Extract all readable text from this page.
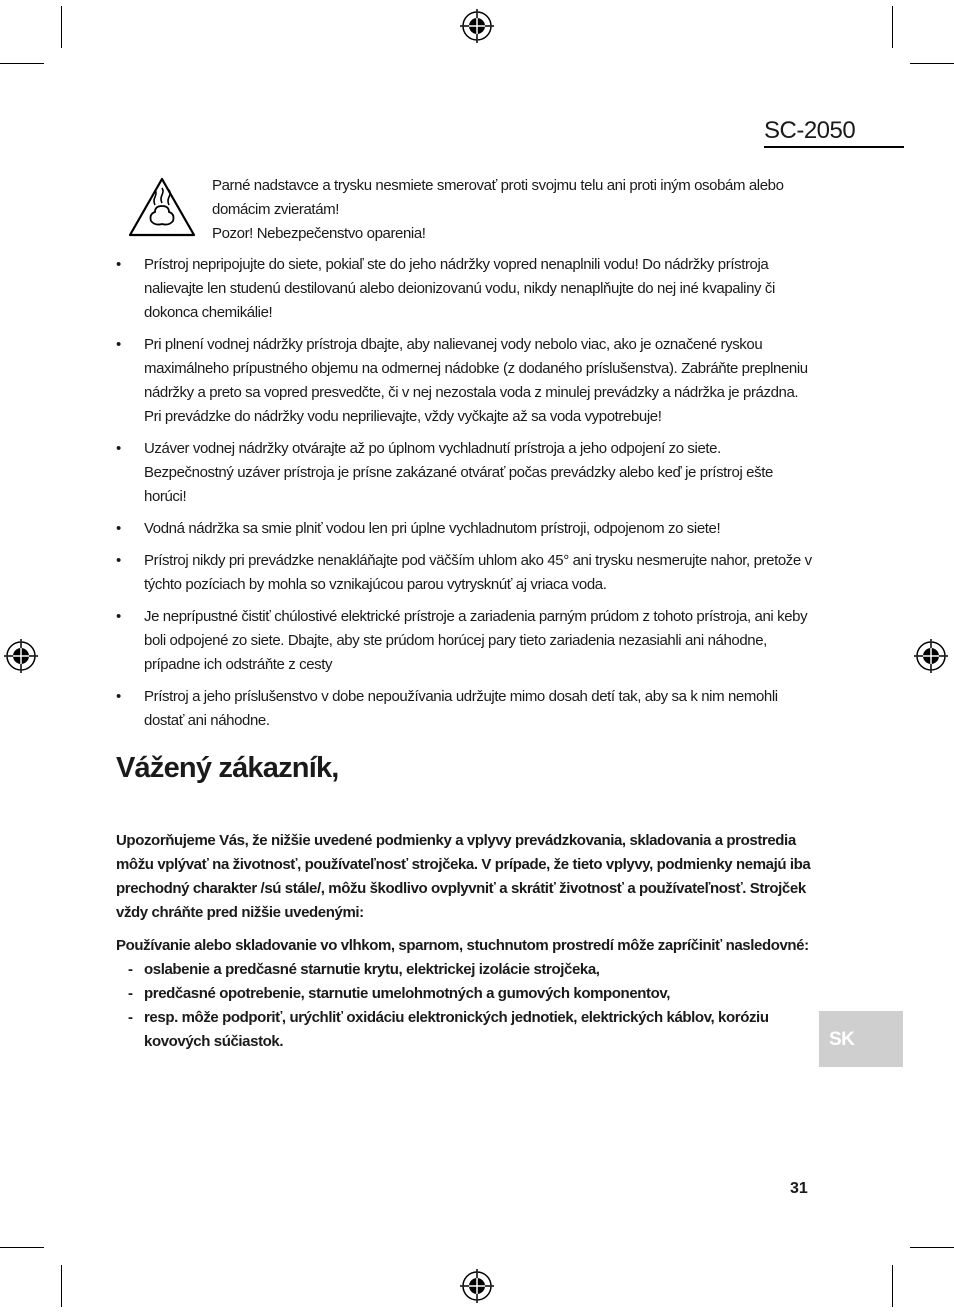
SC-2050

Parné nadstavce a trysku nesmiete smerovať proti svojmu telu ani proti iným osobám alebo domácim zvieratám!

Pozor! Nebezpečenstvo oparenia!

• Prístroj nepripojujte do siete, pokiaľ ste do jeho nádržky vopred nenaplnili vodu! Do nádržky prístroja nalievajte len studenú destilovanú alebo deionizovanú vodu, nikdy nenaplňujte do nej iné kvapaliny či dokonca chemikálie!
• Pri plnení vodnej nádržky prístroja dbajte, aby nalievanej vody nebolo viac, ako je označené ryskou maximálneho prípustného objemu na odmernej nádobke (z dodaného príslušenstva). Zabráňte preplneniu nádržky a preto sa vopred presvedčte, či v nej nezostala voda z minulej prevádzky a nádržka je prázdna. Pri prevádzke do nádržky vodu neprilievajte, vždy vyčkajte až sa voda vypotrebuje!
• Uzáver vodnej nádržky otvárajte až po úplnom vychladnutí prístroja a jeho odpojení zo siete. Bezpečnostný uzáver prístroja je prísne zakázané otvárať počas prevádzky alebo keď je prístroj ešte horúci!
• Vodná nádržka sa smie plniť vodou len pri úplne vychladnutom prístroji, odpojenom zo siete!
• Prístroj nikdy pri prevádzke nenakláňajte pod väčším uhlom ako 45° ani trysku nesmerujte nahor, pretože v týchto pozíciach by mohla so vznikajúcou parou vytrysknúť aj vriaca voda.
• Je neprípustné čistiť chúlostivé elektrické prístroje a zariadenia parným prúdom z tohoto prístroja, ani keby boli odpojené zo siete. Dbajte, aby ste prúdom horúcej pary tieto zariadenia nezasiahli ani náhodne, prípadne ich odstráňte z cesty
• Prístroj a jeho príslušenstvo v dobe nepoužívania udržujte mimo dosah detí tak, aby sa k nim nemohli dostať ani náhodne.
Vážený zákazník,

Upozorňujeme Vás, že nižšie uvedené podmienky a vplyvy prevádzkovania, skladovania a prostredia môžu vplývať na životnosť, používateľnosť strojčeka. V prípade, že tieto vplyvy, podmienky nemajú iba prechodný charakter /sú stále/, môžu škodlivo ovplyvniť a skrátiť životnosť a používateľnosť. Strojček vždy chráňte pred nižšie uvedenými:

Používanie alebo skladovanie vo vlhkom, sparnom, stuchnutom prostredí môže zapríčiniť nasledovné:

- oslabenie a predčasné starnutie krytu, elektrickej izolácie strojčeka,
- predčasné opotrebenie, starnutie umelohmotných a gumových komponentov,
- resp. môže podporiť, urýchliť oxidáciu elektronických jednotiek, elektrických káblov, koróziu kovových súčiastok.	SK
31
